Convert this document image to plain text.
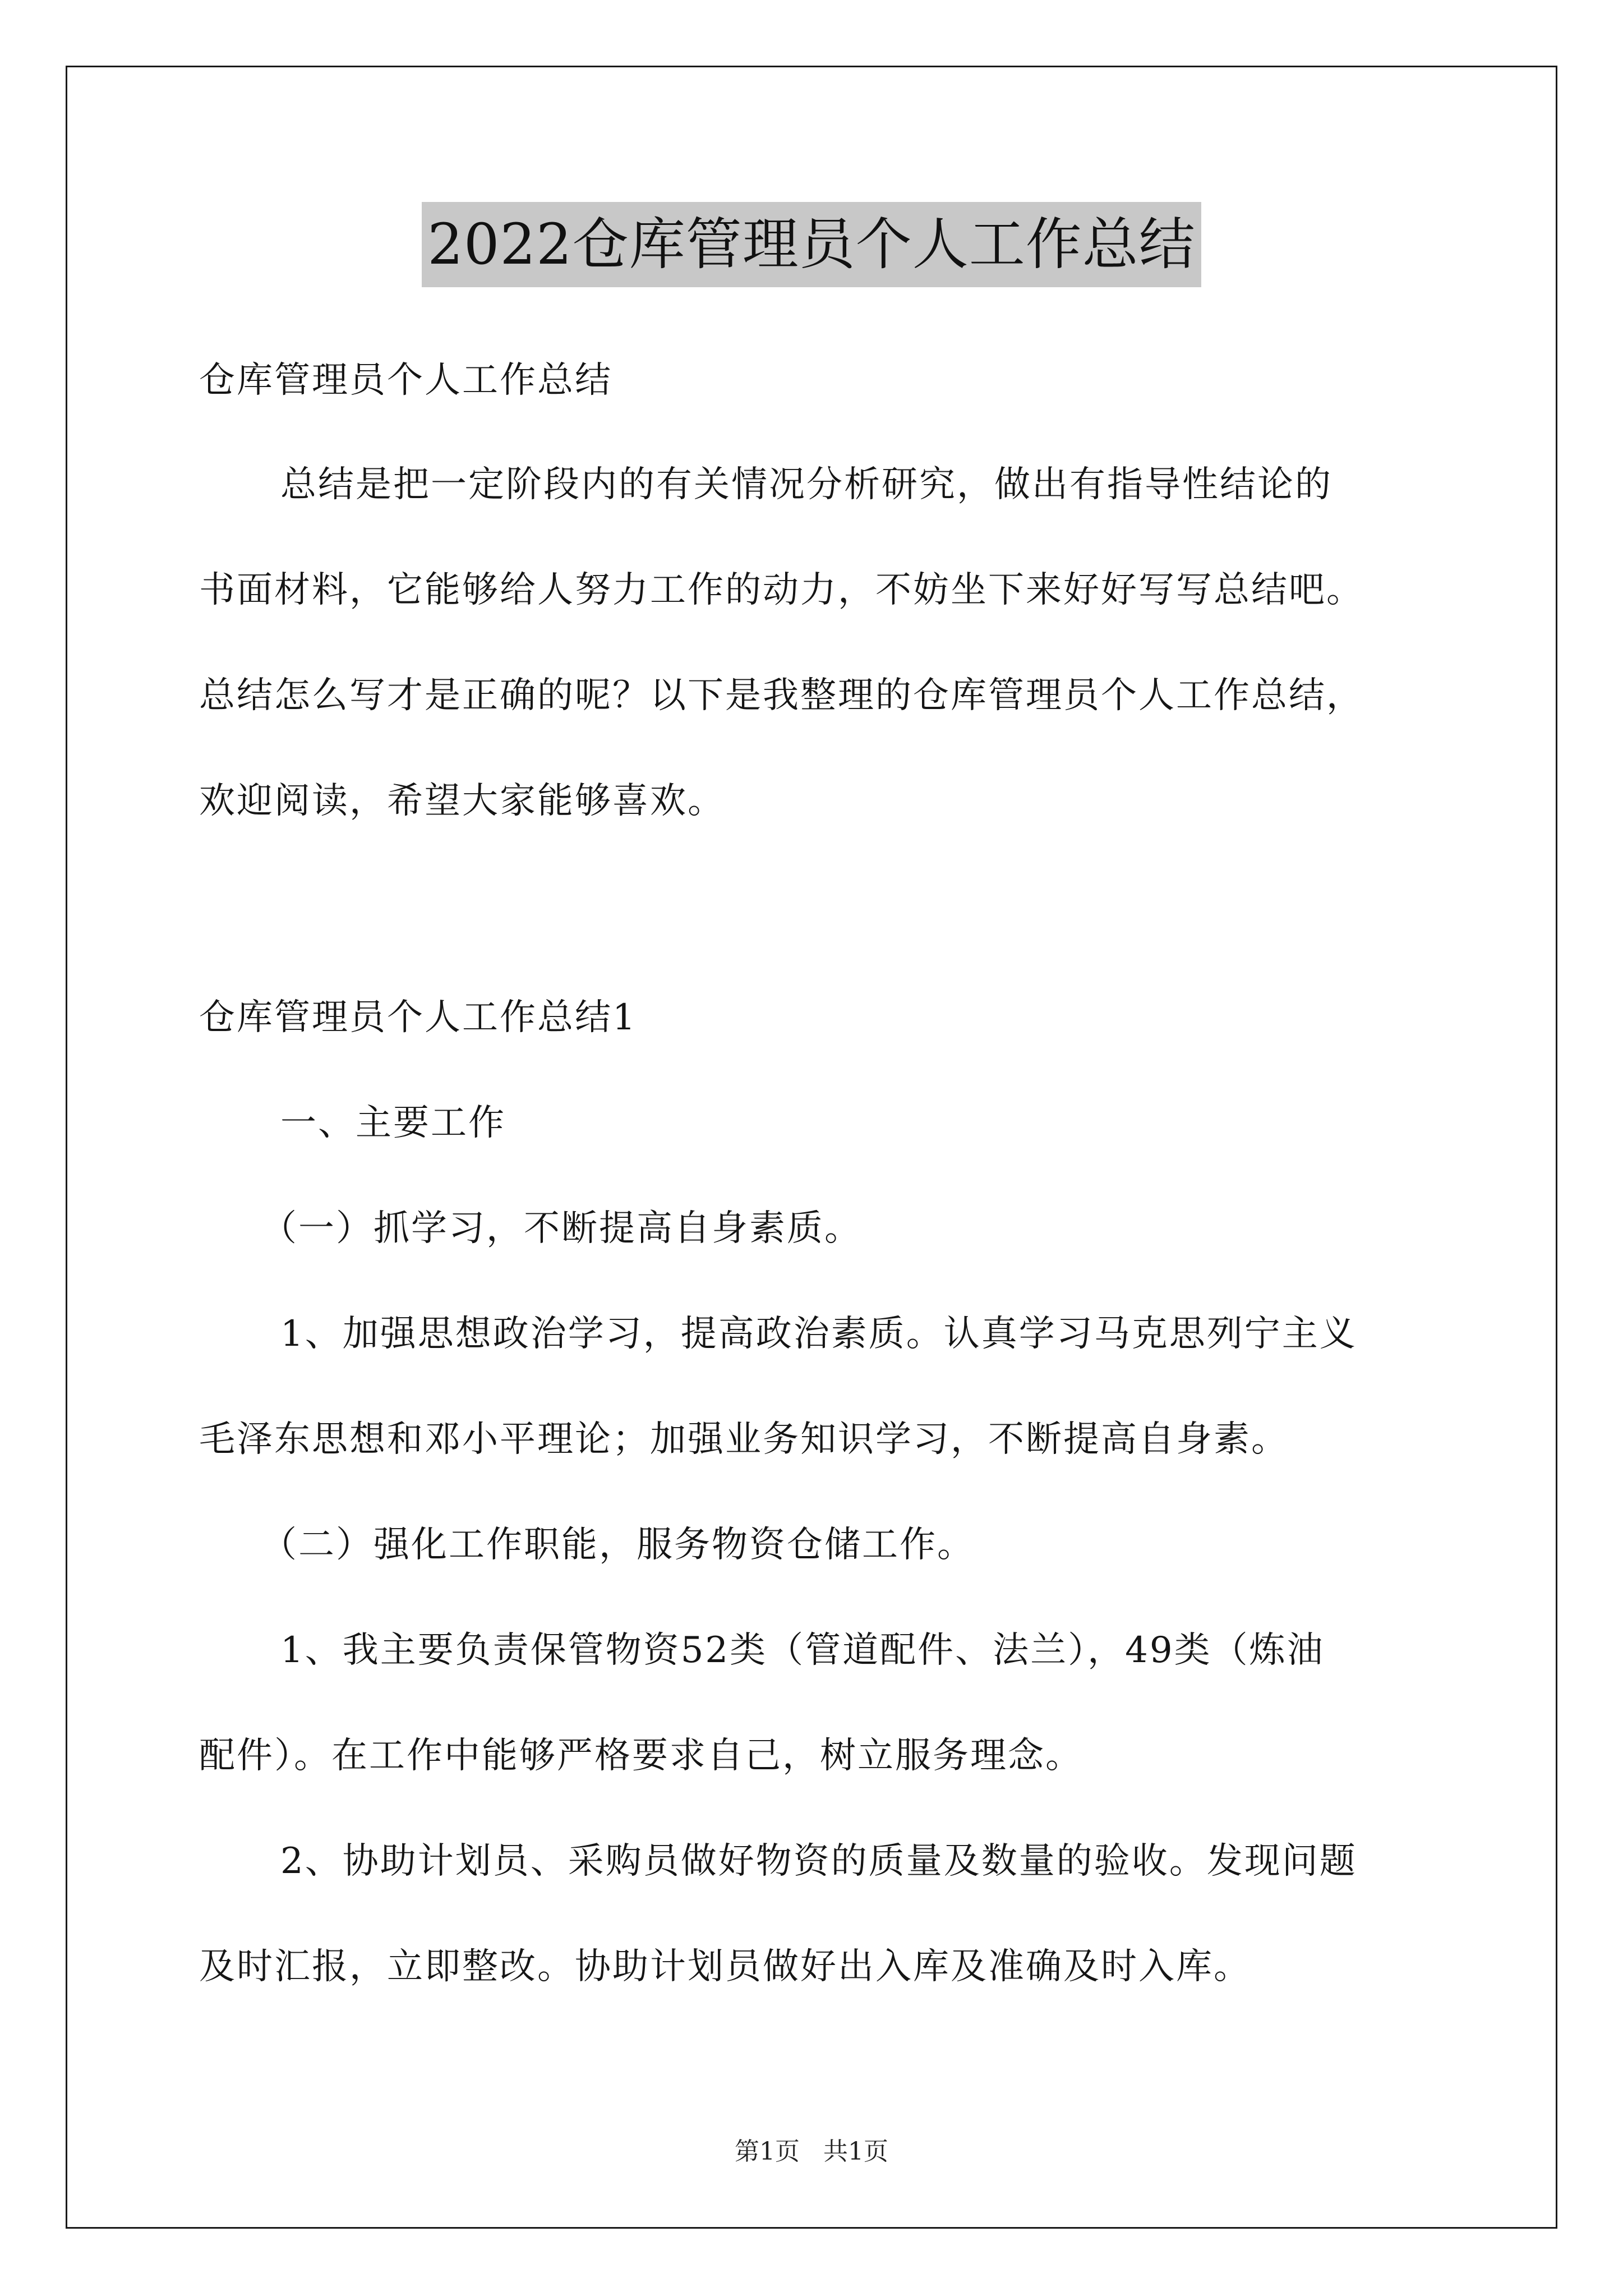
2022仓库管理员个人工作总结
仓库管理员个人工作总结
总结是把一定阶段内的有关情况分析研究，做出有指导性结论的
书面材料，它能够给人努力工作的动力，不妨坐下来好好写写总结吧。
总结怎么写才是正确的呢？以下是我整理的仓库管理员个人工作总结，
欢迎阅读，希望大家能够喜欢。
仓库管理员个人工作总结1
一、主要工作
（一）抓学习，不断提高自身素质。
1、加强思想政治学习，提高政治素质。认真学习马克思列宁主义
毛泽东思想和邓小平理论；加强业务知识学习，不断提高自身素。
（二）强化工作职能，服务物资仓储工作。
1、我主要负责保管物资52类（管道配件、法兰），49类（炼油
配件）。在工作中能够严格要求自己，树立服务理念。
2、协助计划员、采购员做好物资的质量及数量的验收。发现问题
及时汇报，立即整改。协助计划员做好出入库及准确及时入库。
第1页   共1页
